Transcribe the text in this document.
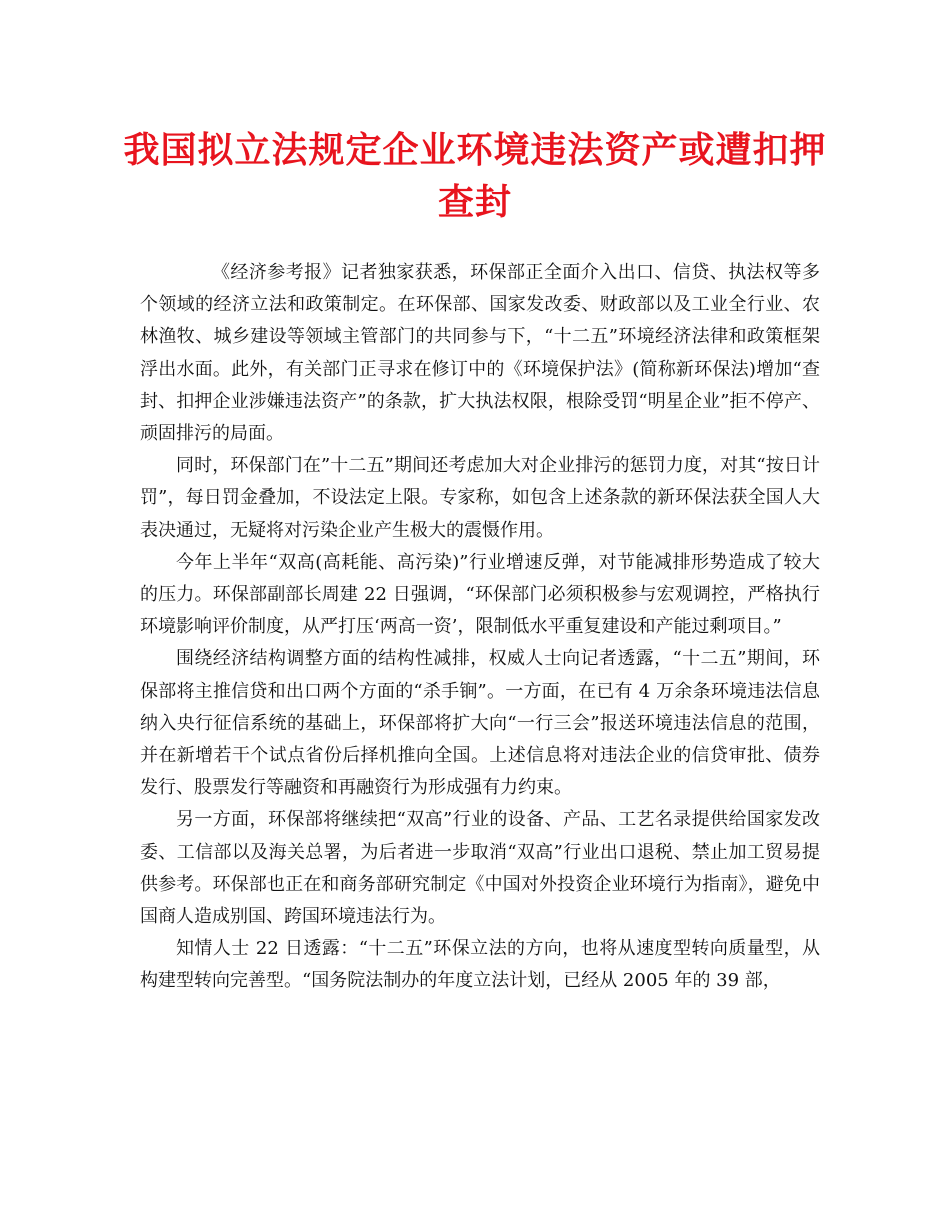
我国拟立法规定企业环境违法资产或遭扣押查封

《经济参考报》记者独家获悉，环保部正全面介入出口、信贷、执法权等多个领域的经济立法和政策制定。在环保部、国家发改委、财政部以及工业全行业、农林渔牧、城乡建设等领域主管部门的共同参与下，“十二五”环境经济法律和政策框架浮出水面。此外，有关部门正寻求在修订中的《环境保护法》(简称新环保法)增加“查封、扣押企业涉嫌违法资产”的条款，扩大执法权限，根除受罚“明星企业”拒不停产、顽固排污的局面。

同时，环保部门在”十二五”期间还考虑加大对企业排污的惩罚力度，对其“按日计罚”，每日罚金叠加，不设法定上限。专家称，如包含上述条款的新环保法获全国人大表决通过，无疑将对污染企业产生极大的震慑作用。

今年上半年“双高(高耗能、高污染)”行业增速反弹，对节能减排形势造成了较大的压力。环保部副部长周建 22 日强调，“环保部门必须积极参与宏观调控，严格执行环境影响评价制度，从严打压‘两高一资’，限制低水平重复建设和产能过剩项目。”

围绕经济结构调整方面的结构性减排，权威人士向记者透露，“十二五”期间，环保部将主推信贷和出口两个方面的“杀手锏”。一方面，在已有 4 万余条环境违法信息纳入央行征信系统的基础上，环保部将扩大向“一行三会”报送环境违法信息的范围，并在新增若干个试点省份后择机推向全国。上述信息将对违法企业的信贷审批、债券发行、股票发行等融资和再融资行为形成强有力约束。

另一方面，环保部将继续把“双高”行业的设备、产品、工艺名录提供给国家发改委、工信部以及海关总署，为后者进一步取消“双高”行业出口退税、禁止加工贸易提供参考。环保部也正在和商务部研究制定《中国对外投资企业环境行为指南》，避免中国商人造成别国、跨国环境违法行为。

知情人士 22 日透露：“十二五”环保立法的方向，也将从速度型转向质量型，从构建型转向完善型。“国务院法制办的年度立法计划，已经从 2005 年的 39 部，
